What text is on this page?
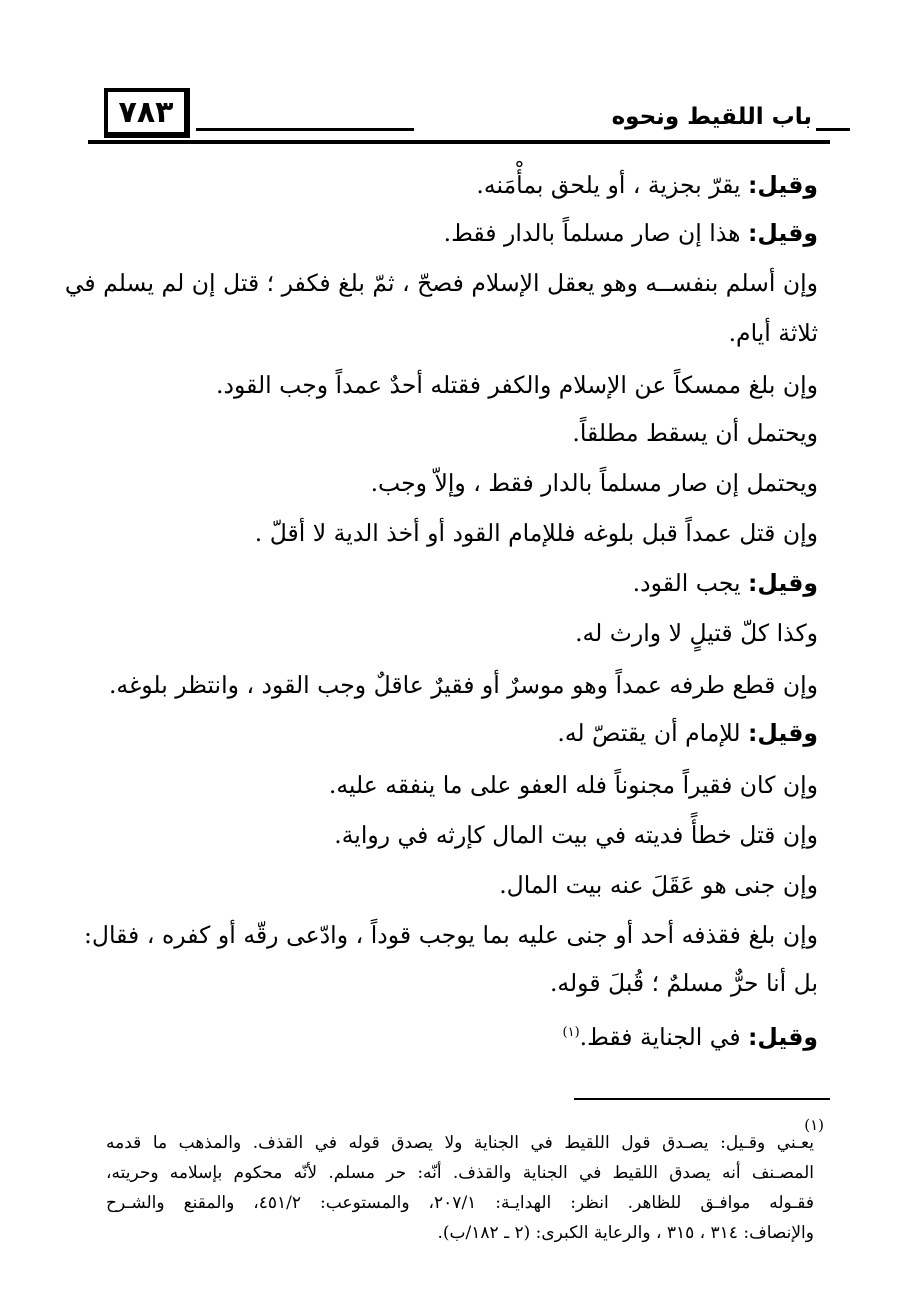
٧٨٣	باب اللقيط ونحوه
وقيل: يقرّ بجزية ، أو يلحق بمأْمَنه.
وقيل: هذا إن صار مسلماً بالدار فقط.
وإن أسلم بنفســه وهو يعقل الإسلام فصحّ ، ثمّ بلغ فكفر ؛ قتل إن لم يسلم في
ثلاثة أيام.
وإن بلغ ممسكاً عن الإسلام والكفر فقتله أحدٌ عمداً وجب القود.
ويحتمل أن يسقط مطلقاً.
ويحتمل إن صار مسلماً بالدار فقط ، وإلاّ وجب.
وإن قتل عمداً قبل بلوغه فللإمام القود أو أخذ الدية لا أقلّ .
وقيل: يجب القود.
وكذا كلّ قتيلٍ لا وارث له.
وإن قطع طرفه عمداً وهو موسرٌ أو فقيرٌ عاقلٌ وجب القود ، وانتظر بلوغه.
وقيل: للإمام أن يقتصّ له.
وإن كان فقيراً مجنوناً فله العفو على ما ينفقه عليه.
وإن قتل خطأً فديته في بيت المال كإرثه في رواية.
وإن جنى هو عَقَلَ عنه بيت المال.
وإن بلغ فقذفه أحد أو جنى عليه بما يوجب قوداً ، وادّعى رقّه أو كفره ، فقال:
بل أنا حرٌّ مسلمٌ ؛ قُبلَ قوله.
وقيل: في الجناية فقط.$^{(١)}$
(١)
يعـني وقـيل: يصـدق قول اللقيط في الجناية ولا يصدق قوله في القذف. والمذهب ما قدمه
المصـنف أنه يصدق اللقيط في الجناية والقذف. أنّه: حر مسلم. لأنّه محكوم بإسلامه وحريته،
فقـوله موافـق للظاهر. انظر: الهدايـة: ٢٠٧/١، والمستوعب: ٤٥١/٢، والمقنع والشـرح
والإنصاف: ٣١٤ ، ٣١٥ ، والرعاية الكبرى: (٢ ـ ١٨٢/ب).
